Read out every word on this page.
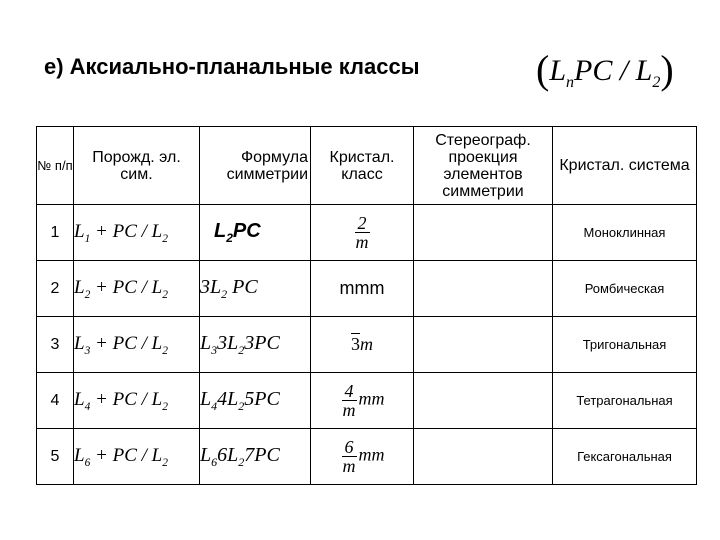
е) Аксиально-планальные классы	$(L_nPC / L_2)$
№ п/п	Порожд. эл. сим.	Формула симметрии	Кристал. класс	Стереограф. проекция элементов симметрии	Кристал. система
1	$L_1$ + PC / $L_2$	$L_2PC$	$\frac{2}{m}$		Моноклинная
2	$L_2$ + PC / $L_2$	$3L_2$ PC	mmm		Ромбическая
3	$L_3$ + PC / $L_2$	$L_33L_23PC$	3m		Тригональная
4	$L_4$ + PC / $L_2$	$L_44L_25PC$	$\frac{4}{m}$ mm		Тетрагональная
5	$L_6$ + PC / $L_2$	$L_66L_27PC$	$\frac{6}{m}$ mm		Гексагональная
